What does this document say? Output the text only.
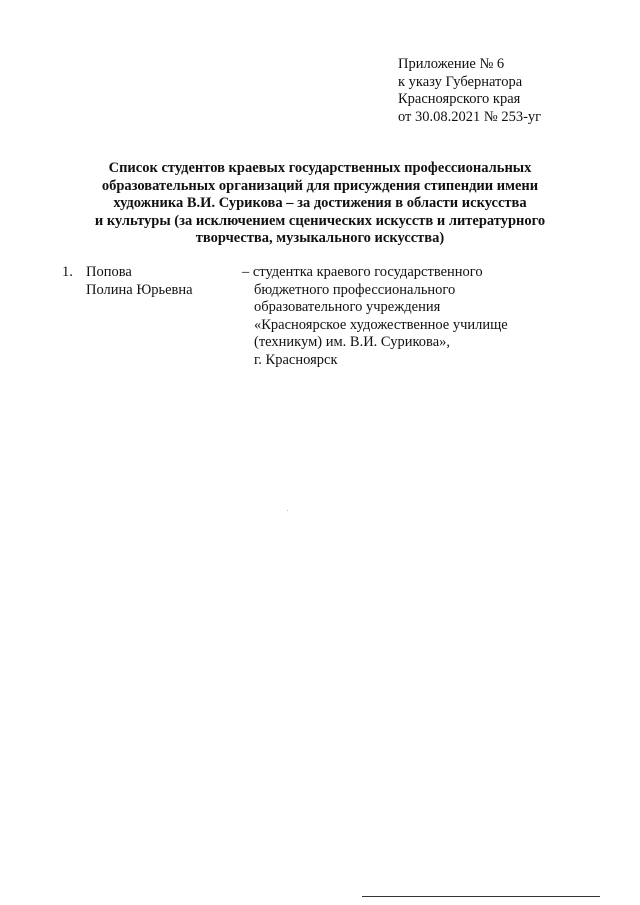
Приложение № 6
к указу Губернатора
Красноярского края
от 30.08.2021 № 253-уг
Список студентов краевых государственных профессиональных
образовательных организаций для присуждения стипендии имени
художника В.И. Сурикова – за достижения в области искусства
и культуры (за исключением сценических искусств и литературного
творчества, музыкального искусства)
1. Попова
Полина Юрьевна
– студентка краевого государственного
бюджетного профессионального
образовательного учреждения
«Красноярское художественное училище
(техникум) им. В.И. Сурикова»,
г. Красноярск
